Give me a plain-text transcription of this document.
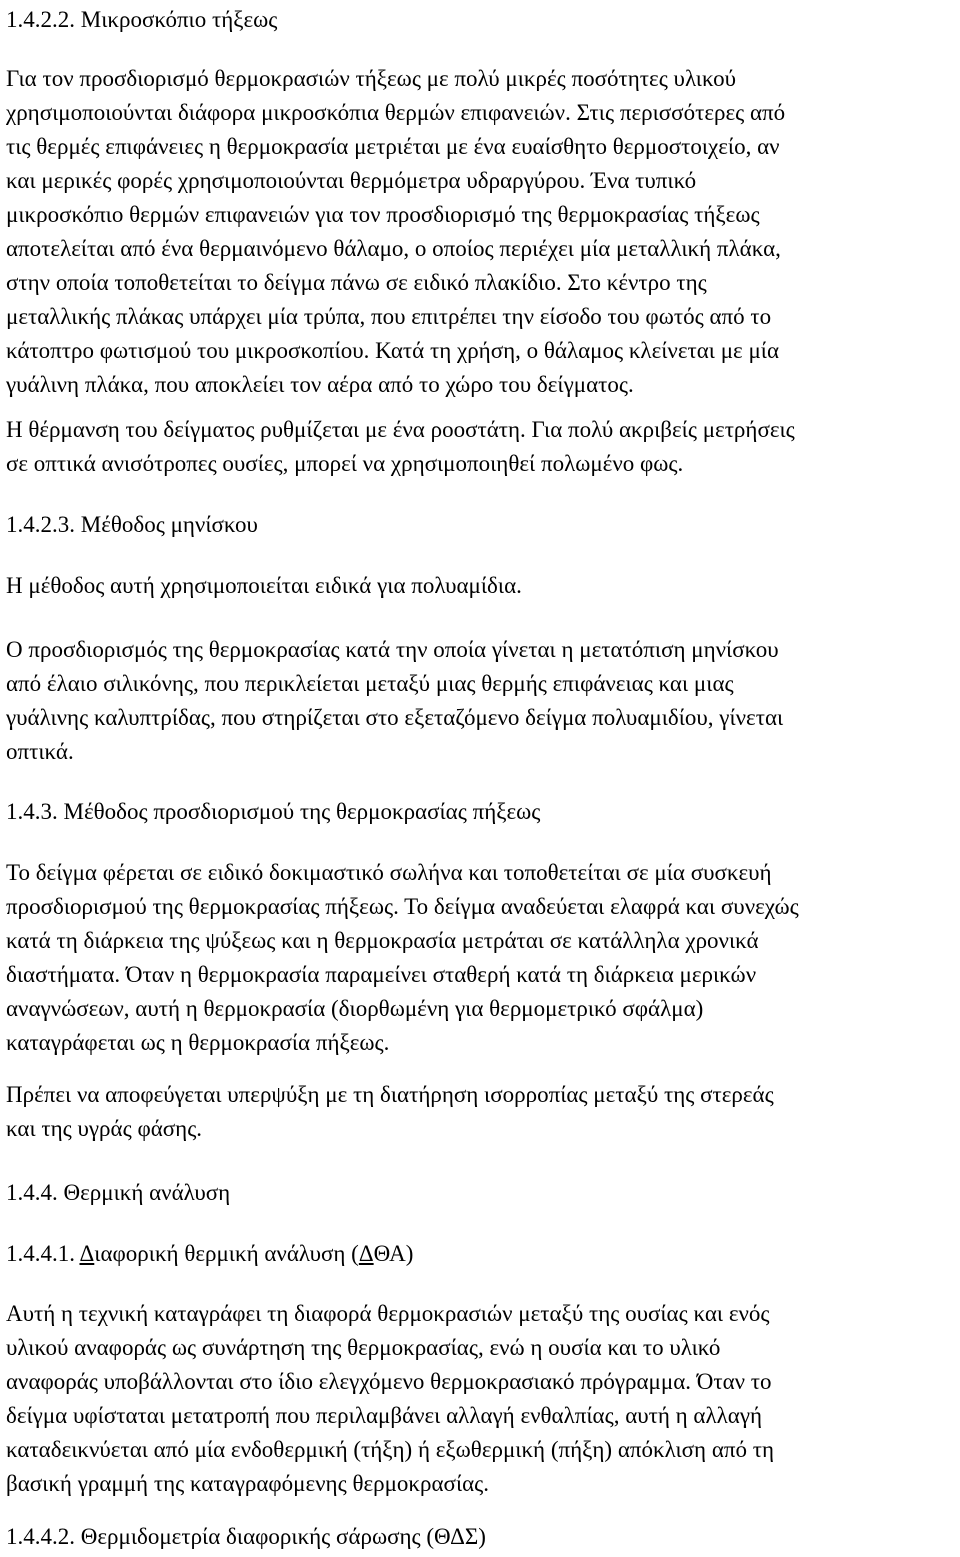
1.4.2.2. Μικροσκόπιο τήξεως
Για τον προσδιορισμό θερμοκρασιών τήξεως με πολύ μικρές ποσότητες υλικού
χρησιμοποιούνται διάφορα μικροσκόπια θερμών επιφανειών. Στις περισσότερες από
τις θερμές επιφάνειες η θερμοκρασία μετριέται με ένα ευαίσθητο θερμοστοιχείο, αν
και μερικές φορές χρησιμοποιούνται θερμόμετρα υδραργύρου. Ένα τυπικό
μικροσκόπιο θερμών επιφανειών για τον προσδιορισμό της θερμοκρασίας τήξεως
αποτελείται από ένα θερμαινόμενο θάλαμο, ο οποίος περιέχει μία μεταλλική πλάκα,
στην οποία τοποθετείται το δείγμα πάνω σε ειδικό πλακίδιο. Στο κέντρο της
μεταλλικής πλάκας υπάρχει μία τρύπα, που επιτρέπει την είσοδο του φωτός από το
κάτοπτρο φωτισμού του μικροσκοπίου. Κατά τη χρήση, ο θάλαμος κλείνεται με μία
γυάλινη πλάκα, που αποκλείει τον αέρα από το χώρο του δείγματος.
Η θέρμανση του δείγματος ρυθμίζεται με ένα ροοστάτη. Για πολύ ακριβείς μετρήσεις
σε οπτικά ανισότροπες ουσίες, μπορεί να χρησιμοποιηθεί πολωμένο φως.
1.4.2.3. Μέθοδος μηνίσκου
Η μέθοδος αυτή χρησιμοποιείται ειδικά για πολυαμίδια.
Ο προσδιορισμός της θερμοκρασίας κατά την οποία γίνεται η μετατόπιση μηνίσκου
από έλαιο σιλικόνης, που περικλείεται μεταξύ μιας θερμής επιφάνειας και μιας
γυάλινης καλυπτρίδας, που στηρίζεται στο εξεταζόμενο δείγμα πολυαμιδίου, γίνεται
οπτικά.
1.4.3. Μέθοδος προσδιορισμού της θερμοκρασίας πήξεως
Το δείγμα φέρεται σε ειδικό δοκιμαστικό σωλήνα και τοποθετείται σε μία συσκευή
προσδιορισμού της θερμοκρασίας πήξεως. Το δείγμα αναδεύεται ελαφρά και συνεχώς
κατά τη διάρκεια της ψύξεως και η θερμοκρασία μετράται σε κατάλληλα χρονικά
διαστήματα. Όταν η θερμοκρασία παραμείνει σταθερή κατά τη διάρκεια μερικών
αναγνώσεων, αυτή η θερμοκρασία (διορθωμένη για θερμομετρικό σφάλμα)
καταγράφεται ως η θερμοκρασία πήξεως.
Πρέπει να αποφεύγεται υπερψύξη με τη διατήρηση ισορροπίας μεταξύ της στερεάς
και της υγράς φάσης.
1.4.4. Θερμική ανάλυση
1.4.4.1. Διαφορική θερμική ανάλυση (ΔΘΑ)
Αυτή η τεχνική καταγράφει τη διαφορά θερμοκρασιών μεταξύ της ουσίας και ενός
υλικού αναφοράς ως συνάρτηση της θερμοκρασίας, ενώ η ουσία και το υλικό
αναφοράς υποβάλλονται στο ίδιο ελεγχόμενο θερμοκρασιακό πρόγραμμα. Όταν το
δείγμα υφίσταται μετατροπή που περιλαμβάνει αλλαγή ενθαλπίας, αυτή η αλλαγή
καταδεικνύεται από μία ενδοθερμική (τήξη) ή εξωθερμική (πήξη) απόκλιση από τη
βασική γραμμή της καταγραφόμενης θερμοκρασίας.
1.4.4.2. Θερμιδομετρία διαφορικής σάρωσης (ΘΔΣ)
